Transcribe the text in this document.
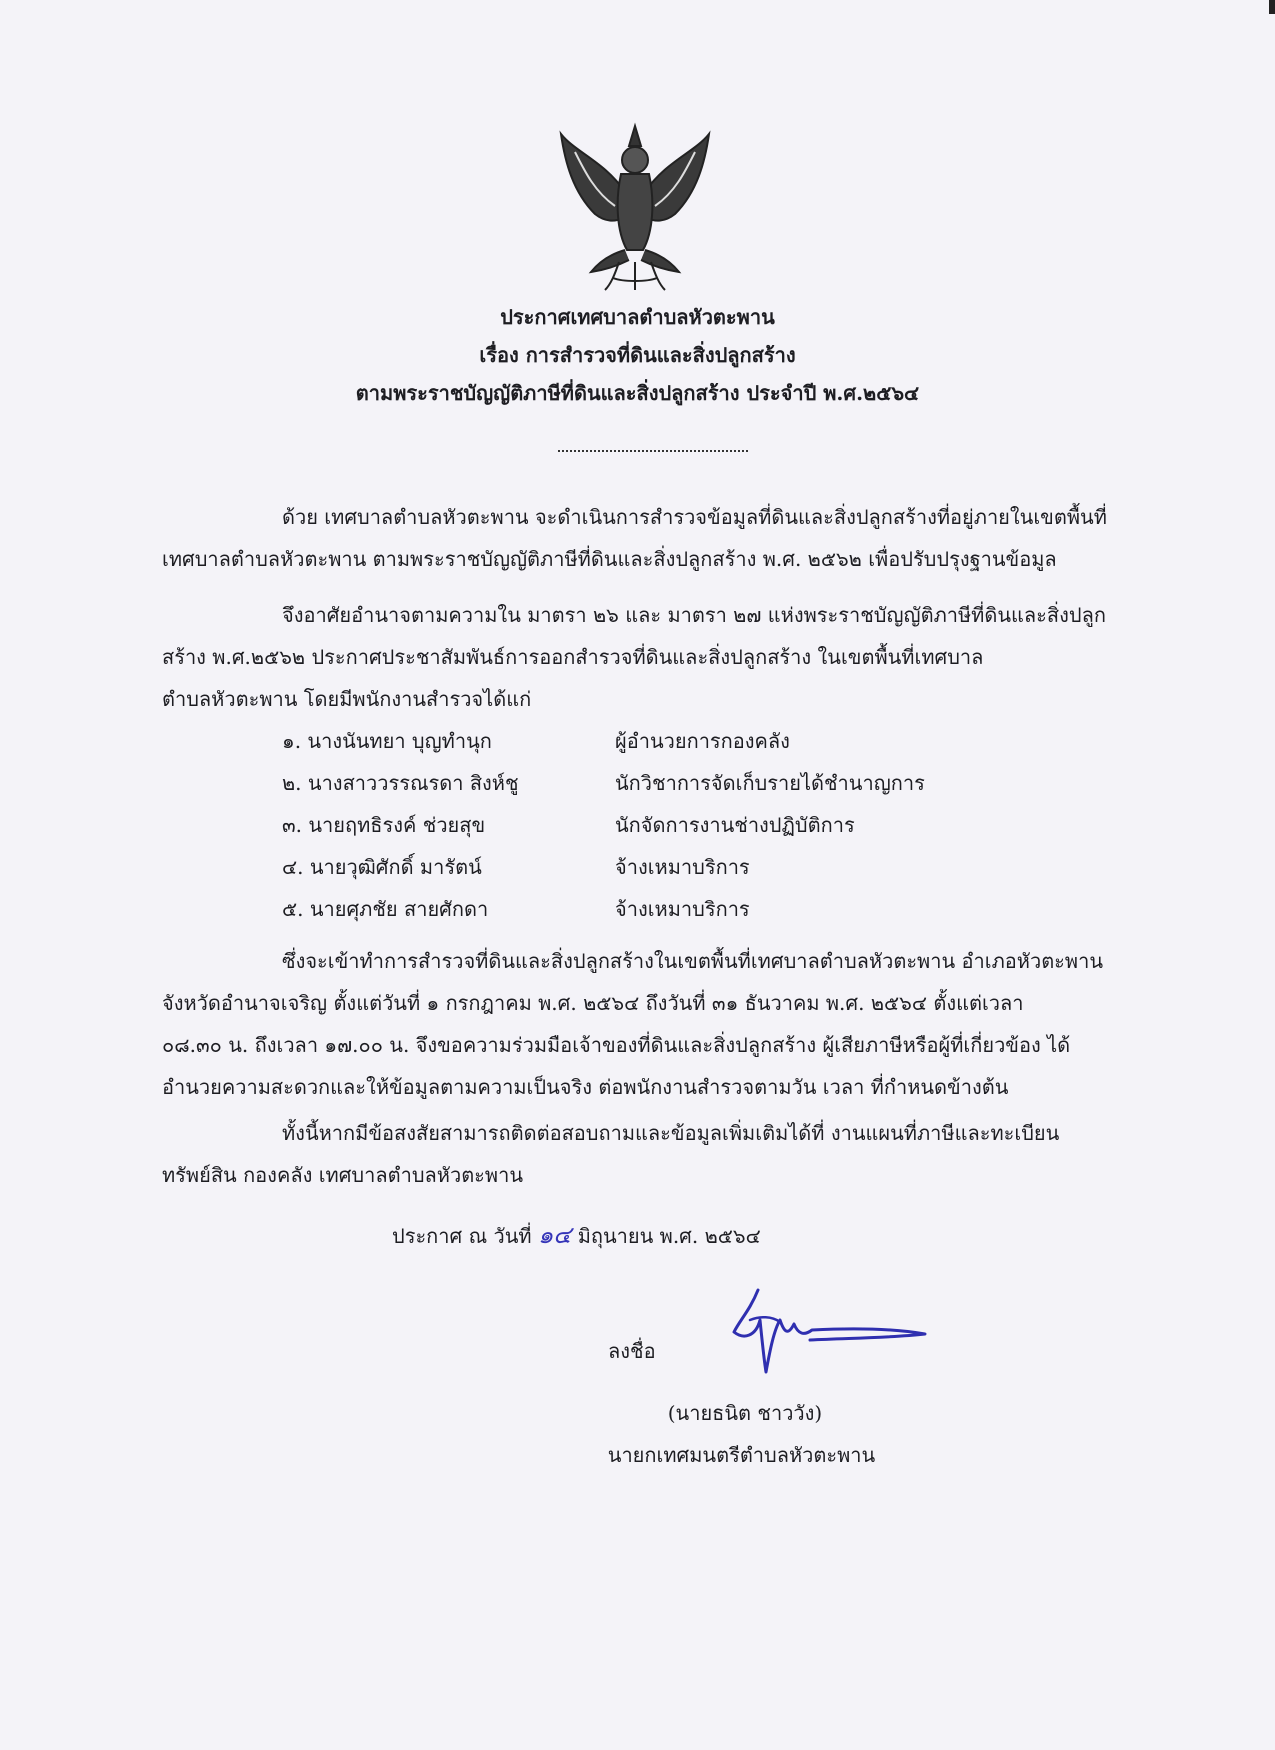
ประกาศเทศบาลตำบลหัวตะพาน
เรื่อง การสำรวจที่ดินและสิ่งปลูกสร้าง
ตามพระราชบัญญัติภาษีที่ดินและสิ่งปลูกสร้าง ประจำปี พ.ศ.๒๕๖๔
ด้วย เทศบาลตำบลหัวตะพาน จะดำเนินการสำรวจข้อมูลที่ดินและสิ่งปลูกสร้างที่อยู่ภายในเขตพื้นที่
เทศบาลตำบลหัวตะพาน ตามพระราชบัญญัติภาษีที่ดินและสิ่งปลูกสร้าง พ.ศ. ๒๕๖๒ เพื่อปรับปรุงฐานข้อมูล
จึงอาศัยอำนาจตามความใน มาตรา ๒๖ และ มาตรา ๒๗ แห่งพระราชบัญญัติภาษีที่ดินและสิ่งปลูก
สร้าง พ.ศ.๒๕๖๒ ประกาศประชาสัมพันธ์การออกสำรวจที่ดินและสิ่งปลูกสร้าง ในเขตพื้นที่เทศบาล
ตำบลหัวตะพาน โดยมีพนักงานสำรวจได้แก่
๑. นางนันทยา บุญทำนุก	ผู้อำนวยการกองคลัง
๒. นางสาววรรณรดา สิงห์ชู	นักวิชาการจัดเก็บรายได้ชำนาญการ
๓. นายฤทธิรงค์ ช่วยสุข	นักจัดการงานช่างปฏิบัติการ
๔. นายวุฒิศักดิ์ มารัตน์	จ้างเหมาบริการ
๕. นายศุภชัย สายศักดา	จ้างเหมาบริการ
ซึ่งจะเข้าทำการสำรวจที่ดินและสิ่งปลูกสร้างในเขตพื้นที่เทศบาลตำบลหัวตะพาน อำเภอหัวตะพาน
จังหวัดอำนาจเจริญ ตั้งแต่วันที่ ๑ กรกฎาคม พ.ศ. ๒๕๖๔ ถึงวันที่ ๓๑ ธันวาคม พ.ศ. ๒๕๖๔ ตั้งแต่เวลา
๐๘.๓๐ น. ถึงเวลา ๑๗.๐๐ น. จึงขอความร่วมมือเจ้าของที่ดินและสิ่งปลูกสร้าง ผู้เสียภาษีหรือผู้ที่เกี่ยวข้อง ได้
อำนวยความสะดวกและให้ข้อมูลตามความเป็นจริง ต่อพนักงานสำรวจตามวัน เวลา ที่กำหนดข้างต้น
ทั้งนี้หากมีข้อสงสัยสามารถติดต่อสอบถามและข้อมูลเพิ่มเติมได้ที่ งานแผนที่ภาษีและทะเบียน
ทรัพย์สิน กองคลัง เทศบาลตำบลหัวตะพาน
ประกาศ ณ วันที่ ๑๔ มิถุนายน พ.ศ. ๒๕๖๔
ลงชื่อ
(นายธนิต ชาววัง)
นายกเทศมนตรีตำบลหัวตะพาน
